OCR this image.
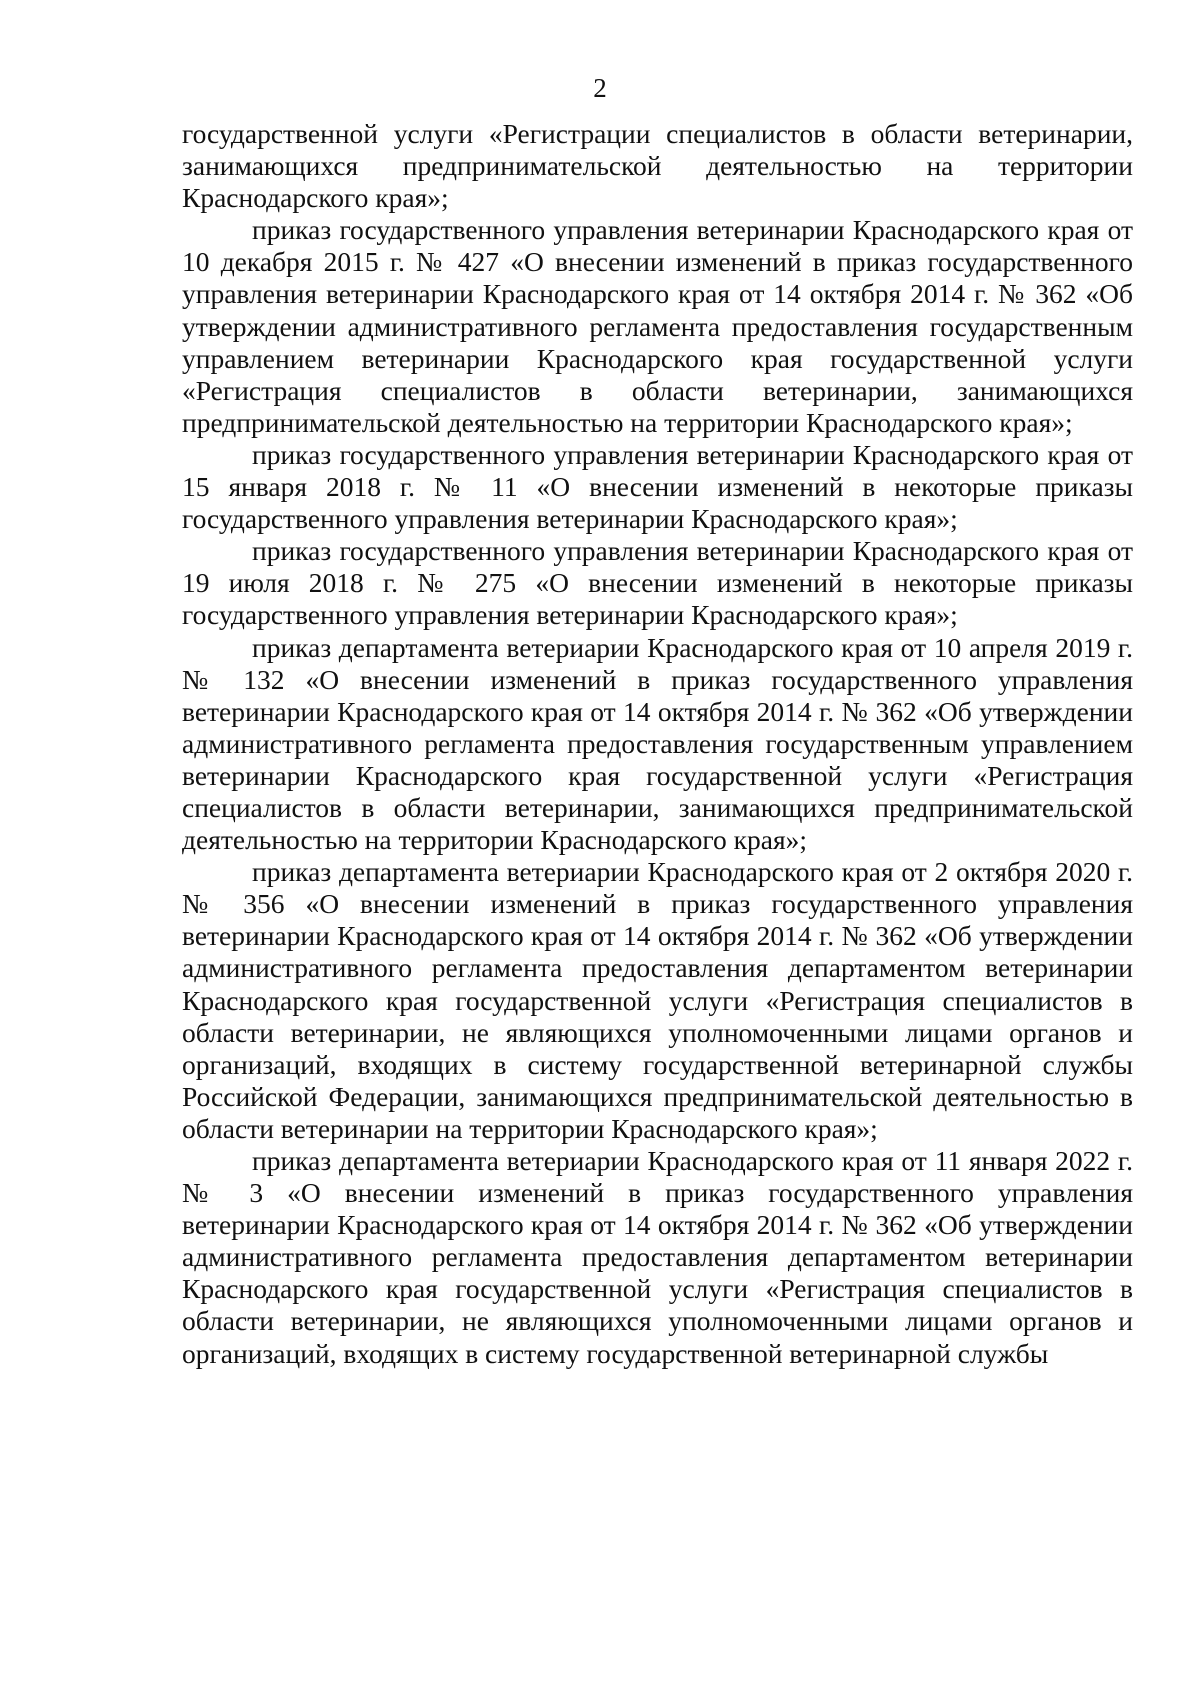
2

государственной услуги «Регистрации специалистов в области ветеринарии, занимающихся предпринимательской деятельностью на территории Краснодарского края»;

приказ государственного управления ветеринарии Краснодарского края от 10 декабря 2015 г. № 427 «О внесении изменений в приказ государственного управления ветеринарии Краснодарского края от 14 октября 2014 г. № 362 «Об утверждении административного регламента предоставления государственным управлением ветеринарии Краснодарского края государственной услуги «Регистрация специалистов в области ветеринарии, занимающихся предпринимательской деятельностью на территории Краснодарского края»;

приказ государственного управления ветеринарии Краснодарского края от 15 января 2018 г. № 11 «О внесении изменений в некоторые приказы государственного управления ветеринарии Краснодарского края»;

приказ государственного управления ветеринарии Краснодарского края от 19 июля 2018 г. № 275 «О внесении изменений в некоторые приказы государственного управления ветеринарии Краснодарского края»;

приказ департамента ветериарии Краснодарского края от 10 апреля 2019 г. № 132 «О внесении изменений в приказ государственного управления ветеринарии Краснодарского края от 14 октября 2014 г. № 362 «Об утверждении административного регламента предоставления государственным управлением ветеринарии Краснодарского края государственной услуги «Регистрация специалистов в области ветеринарии, занимающихся предпринимательской деятельностью на территории Краснодарского края»;

приказ департамента ветериарии Краснодарского края от 2 октября 2020 г. № 356 «О внесении изменений в приказ государственного управления ветеринарии Краснодарского края от 14 октября 2014 г. № 362 «Об утверждении административного регламента предоставления департаментом ветеринарии Краснодарского края государственной услуги «Регистрация специалистов в области ветеринарии, не являющихся уполномоченными лицами органов и организаций, входящих в систему государственной ветеринарной службы Российской Федерации, занимающихся предпринимательской деятельностью в области ветеринарии на территории Краснодарского края»;

приказ департамента ветериарии Краснодарского края от 11 января 2022 г. № 3 «О внесении изменений в приказ государственного управления ветеринарии Краснодарского края от 14 октября 2014 г. № 362 «Об утверждении административного регламента предоставления департаментом ветеринарии Краснодарского края государственной услуги «Регистрация специалистов в области ветеринарии, не являющихся уполномоченными лицами органов и организаций, входящих в систему государственной ветеринарной службы
